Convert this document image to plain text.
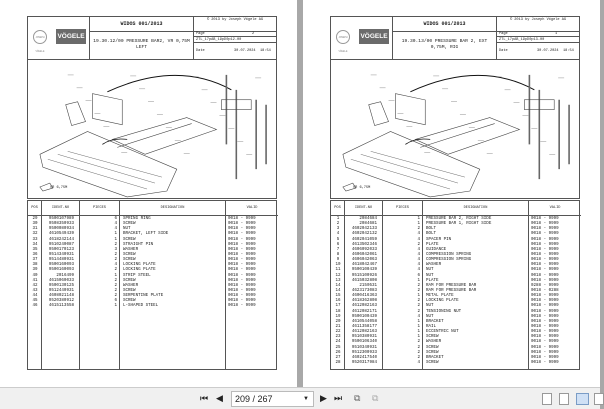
JOSEPH VÖGELE
VÖGELE
WIDOS 001/2013
19.30.12/00 PRESSURE BAR2, VR 0,75M LEFT
© 2013 by Joseph Vögele AG
Page	2
ZTL_17pAB_19pD0p12-00
Date	30.07.2024 18:54
VR 6,75M
POS	IDENT-NO	PIECES	DESIGNATION	VALID
29	9500107989	6	SPRING RING	0018 - 9999
30	9508350933	4	SCREW	0018 - 9999
31	9500080934	4	NUT	0018 - 9999
32	4610549439	1	BRACKET, LEFT SIDE	0018 - 9999
33	4618242144	1	SCREW	0018 - 9999
34	9510240087	2	STRAIGHT PIN	0018 - 9999
35	9500170123	3	WASHER	0018 - 9999
36	9514340931	2	SCREW	0018 - 9999
37	9514480931	2	SCREW	0018 - 9999
38	9500160093	4	LOCKING PLATE	0018 - 9999
39	9500160093	2	LOCKING PLATE	0018 - 9999
40	2016499	1	STRIP STEEL	0018 - 9999
41	4615060033	2	SCREW	0018 - 9999
42	9500130125	2	WASHER	0018 - 9999
43	9512440931	2	SCREW	0018 - 9999
44	4608021148	2	SERPENTINE PLATE	0018 - 9999
45	9520380912	6	SCREW	0018 - 9999
46	4615113558	1	L-SHAPED STEEL	0018 - 9999
JOSEPH VÖGELE
VÖGELE
WIDOS 001/2013
19.30.13/00 PRESSURE BAR 2, EXT 0,75M, RIG
© 2013 by Joseph Vögele AG
Page	1
ZTL_17pAB_19pD0p13-00
Date	30.07.2024 18:54
VR 6,75M
POS	IDENT-NO	PIECES	DESIGNATION	VALID
1	2084684	1	PRESSURE BAR 2, RIGHT SIDE	0018 - 9999
2	2084681	1	PRESSURE BAR 1, RIGHT SIDE	0018 - 9999
3	4602042133	2	BOLT	0018 - 9999
4	4602042132	4	BOLT	0018 - 9999
5	4602041059	4	SPACER PIN	0018 - 9999
6	4613502346	2	PLATE	0018 - 9999
7	4606092033	4	GUIDANCE	0018 - 9999
8	4606042061	4	COMPRESSION SPRING	0018 - 9999
9	4606042063	4	COMPRESSION SPRING	0018 - 9999
10	4618042467	4	WASHER	0018 - 9999
11	9500100439	4	NUT	0018 - 9999
12	9515100926	6	NUT	0018 - 9999
13	4615032808	1	PLATE	0018 - 9999
14	2150531	2	RAM FOR PRESSURE BAR	0288 - 9999
14	4623173083	2	RAM FOR PRESSURE BAR	0018 - 0288
15	4600416363	1	METAL PLATE	0018 - 9999
16	4618362808	2	LOCKING PLATE	0018 - 9999
17	4612082163	2	NUT	0018 - 9999
18	4612082171	2	TENSIONING NUT	0018 - 9999
19	9500100439	4	NUT	0018 - 9999
20	4610544058	1	BRACKET	0018 - 9999
21	4611358177	1	RAIL	0018 - 9999
22	4612082163	1	ECCENTRIC NUT	0018 - 9999
23	9510380931	1	SCREW	0018 - 9999
24	9500106340	2	WASHER	0018 - 9999
25	9510340931	2	SCREW	0018 - 9999
26	9512300933	2	SCREW	0018 - 9999
27	4602417540	2	BRACKET	0018 - 9999
28	9520317984	4	SCREW	0018 - 9999
⏮ ◀	209 / 267	▼ ▶ ⏭ ⧉ ⧉
